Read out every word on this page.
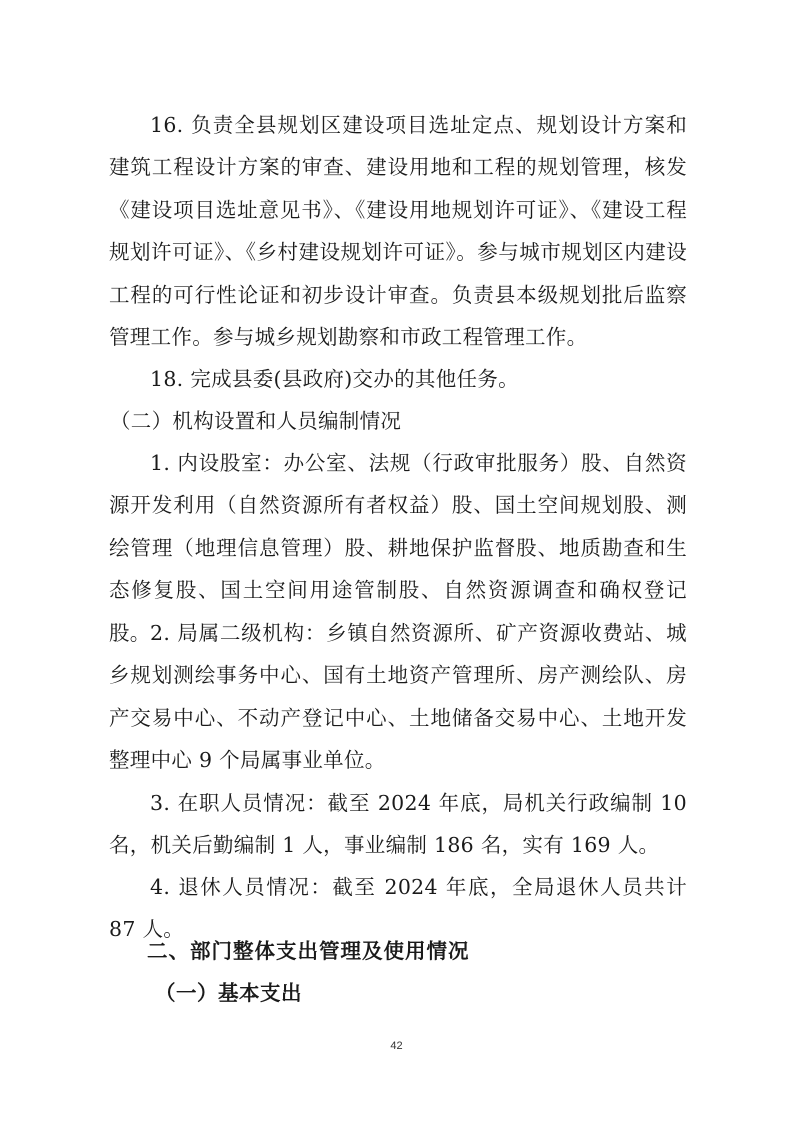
16. 负责全县规划区建设项目选址定点、规划设计方案和建筑工程设计方案的审查、建设用地和工程的规划管理，核发《建设项目选址意见书》、《建设用地规划许可证》、《建设工程规划许可证》、《乡村建设规划许可证》。参与城市规划区内建设工程的可行性论证和初步设计审查。负责县本级规划批后监察管理工作。参与城乡规划勘察和市政工程管理工作。

18. 完成县委(县政府)交办的其他任务。

（二）机构设置和人员编制情况

1. 内设股室：办公室、法规（行政审批服务）股、自然资源开发利用（自然资源所有者权益）股、国土空间规划股、测绘管理（地理信息管理）股、耕地保护监督股、地质勘查和生态修复股、国土空间用途管制股、自然资源调查和确权登记股。 2. 局属二级机构：乡镇自然资源所、矿产资源收费站、城乡规划测绘事务中心、国有土地资产管理所、房产测绘队、房产交易中心、不动产登记中心、土地储备交易中心、土地开发整理中心 9 个局属事业单位。

3. 在职人员情况：截至 2024 年底，局机关行政编制 10 名，机关后勤编制 1 人，事业编制 186 名，实有 169 人。

4. 退休人员情况：截至 2024 年底，全局退休人员共计 87 人。

二、部门整体支出管理及使用情况

（一）基本支出

42
